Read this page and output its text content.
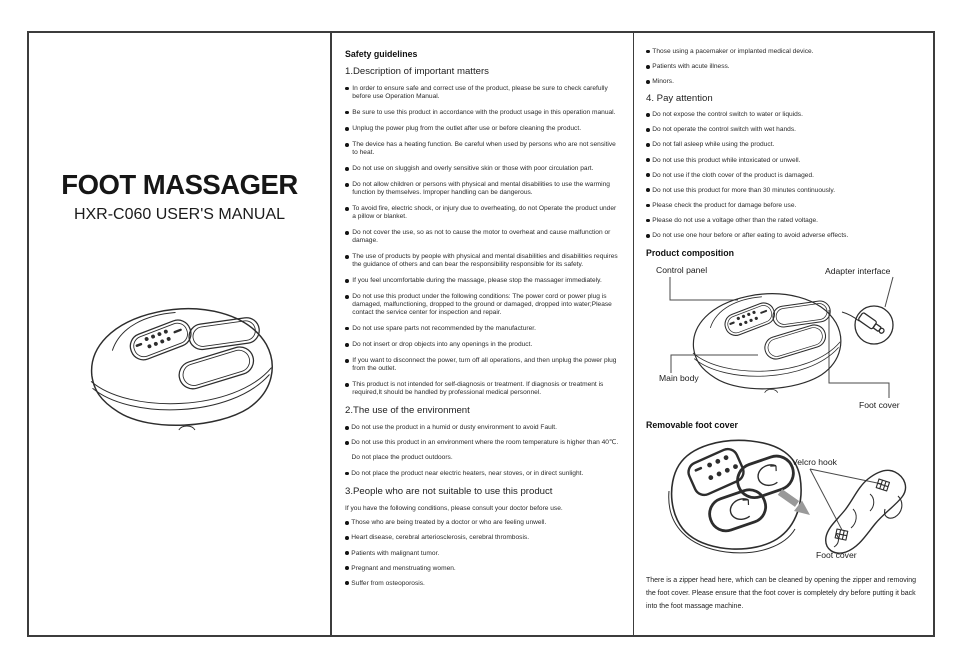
FOOT MASSAGER
HXR-C060 USER'S MANUAL
Safety guidelines
1.Description of important matters
In order to ensure safe and correct use of the product, please be sure to check carefully before use Operation Manual.
Be sure to use this product in accordance with the product usage in this operation manual.
Unplug the power plug from the outlet after use or before cleaning the product.
The device has a heating function. Be careful when used by persons who are not sensitive to heat.
Do not use on sluggish and overly sensitive skin or those with poor circulation part.
Do not allow children or persons with physical and mental disabilities to use the warming function by themselves. Improper handling can be dangerous.
To avoid fire, electric shock, or injury due to overheating, do not Operate the product under a pillow or blanket.
Do not cover the use, so as not to cause the motor to overheat and cause malfunction or damage.
The use of products by people with physical and mental disabilities and disabilities requires the guidance of others and can bear the responsibility responsible for its safety.
If you feel uncomfortable during the massage, please stop the massager immediately.
Do not use this product under the following conditions: The power cord or power plug is damaged, malfunctioning, dropped to the ground or damaged, dropped into water;Please contact the service center for inspection and repair.
Do not use spare parts not recommended by the manufacturer.
Do not insert or drop objects into any openings in the product.
If you want to disconnect the power, turn off all operations, and then unplug the power plug from the outlet.
This product is not intended for self-diagnosis or treatment. If diagnosis or treatment is required,It should be handled by professional medical personnel.
2.The use of the environment
Do not use the product in a humid or dusty environment to avoid Fault.
Do not use this product in an environment where the room temperature is higher than 40℃.
Do not place the product outdoors.
Do not place the product near electric heaters, near stoves, or in direct sunlight.
3.People who are not suitable to use this product
If you have the following conditions, please consult your doctor before use.
Those who are being treated by a doctor or who are feeling unwell.
Heart disease, cerebral arteriosclerosis, cerebral thrombosis.
Patients with malignant tumor.
Pregnant and menstruating women.
Suffer from osteoporosis.
Those using a pacemaker or implanted medical device.
Patients with acute illness.
Minors.
4. Pay attention
Do not expose the control switch to water or liquids.
Do not operate the control switch with wet hands.
Do not fall asleep while using the product.
Do not use this product while intoxicated or unwell.
Do not use if the cloth cover of the product is damaged.
Do not use this product for more than 30 minutes continuously.
Please check the product for damage before use.
Please do not use a voltage other than the rated voltage.
Do not use one hour before or after eating to avoid adverse effects.
Product composition
Control panel	Adapter interface
Main body
Foot cover
Removable foot cover
Velcro hook
Foot cover
There is a zipper head here, which can be cleaned by opening the zipper and removing the foot cover. Please ensure that the foot cover is completely dry before putting it back into the foot massage machine.
